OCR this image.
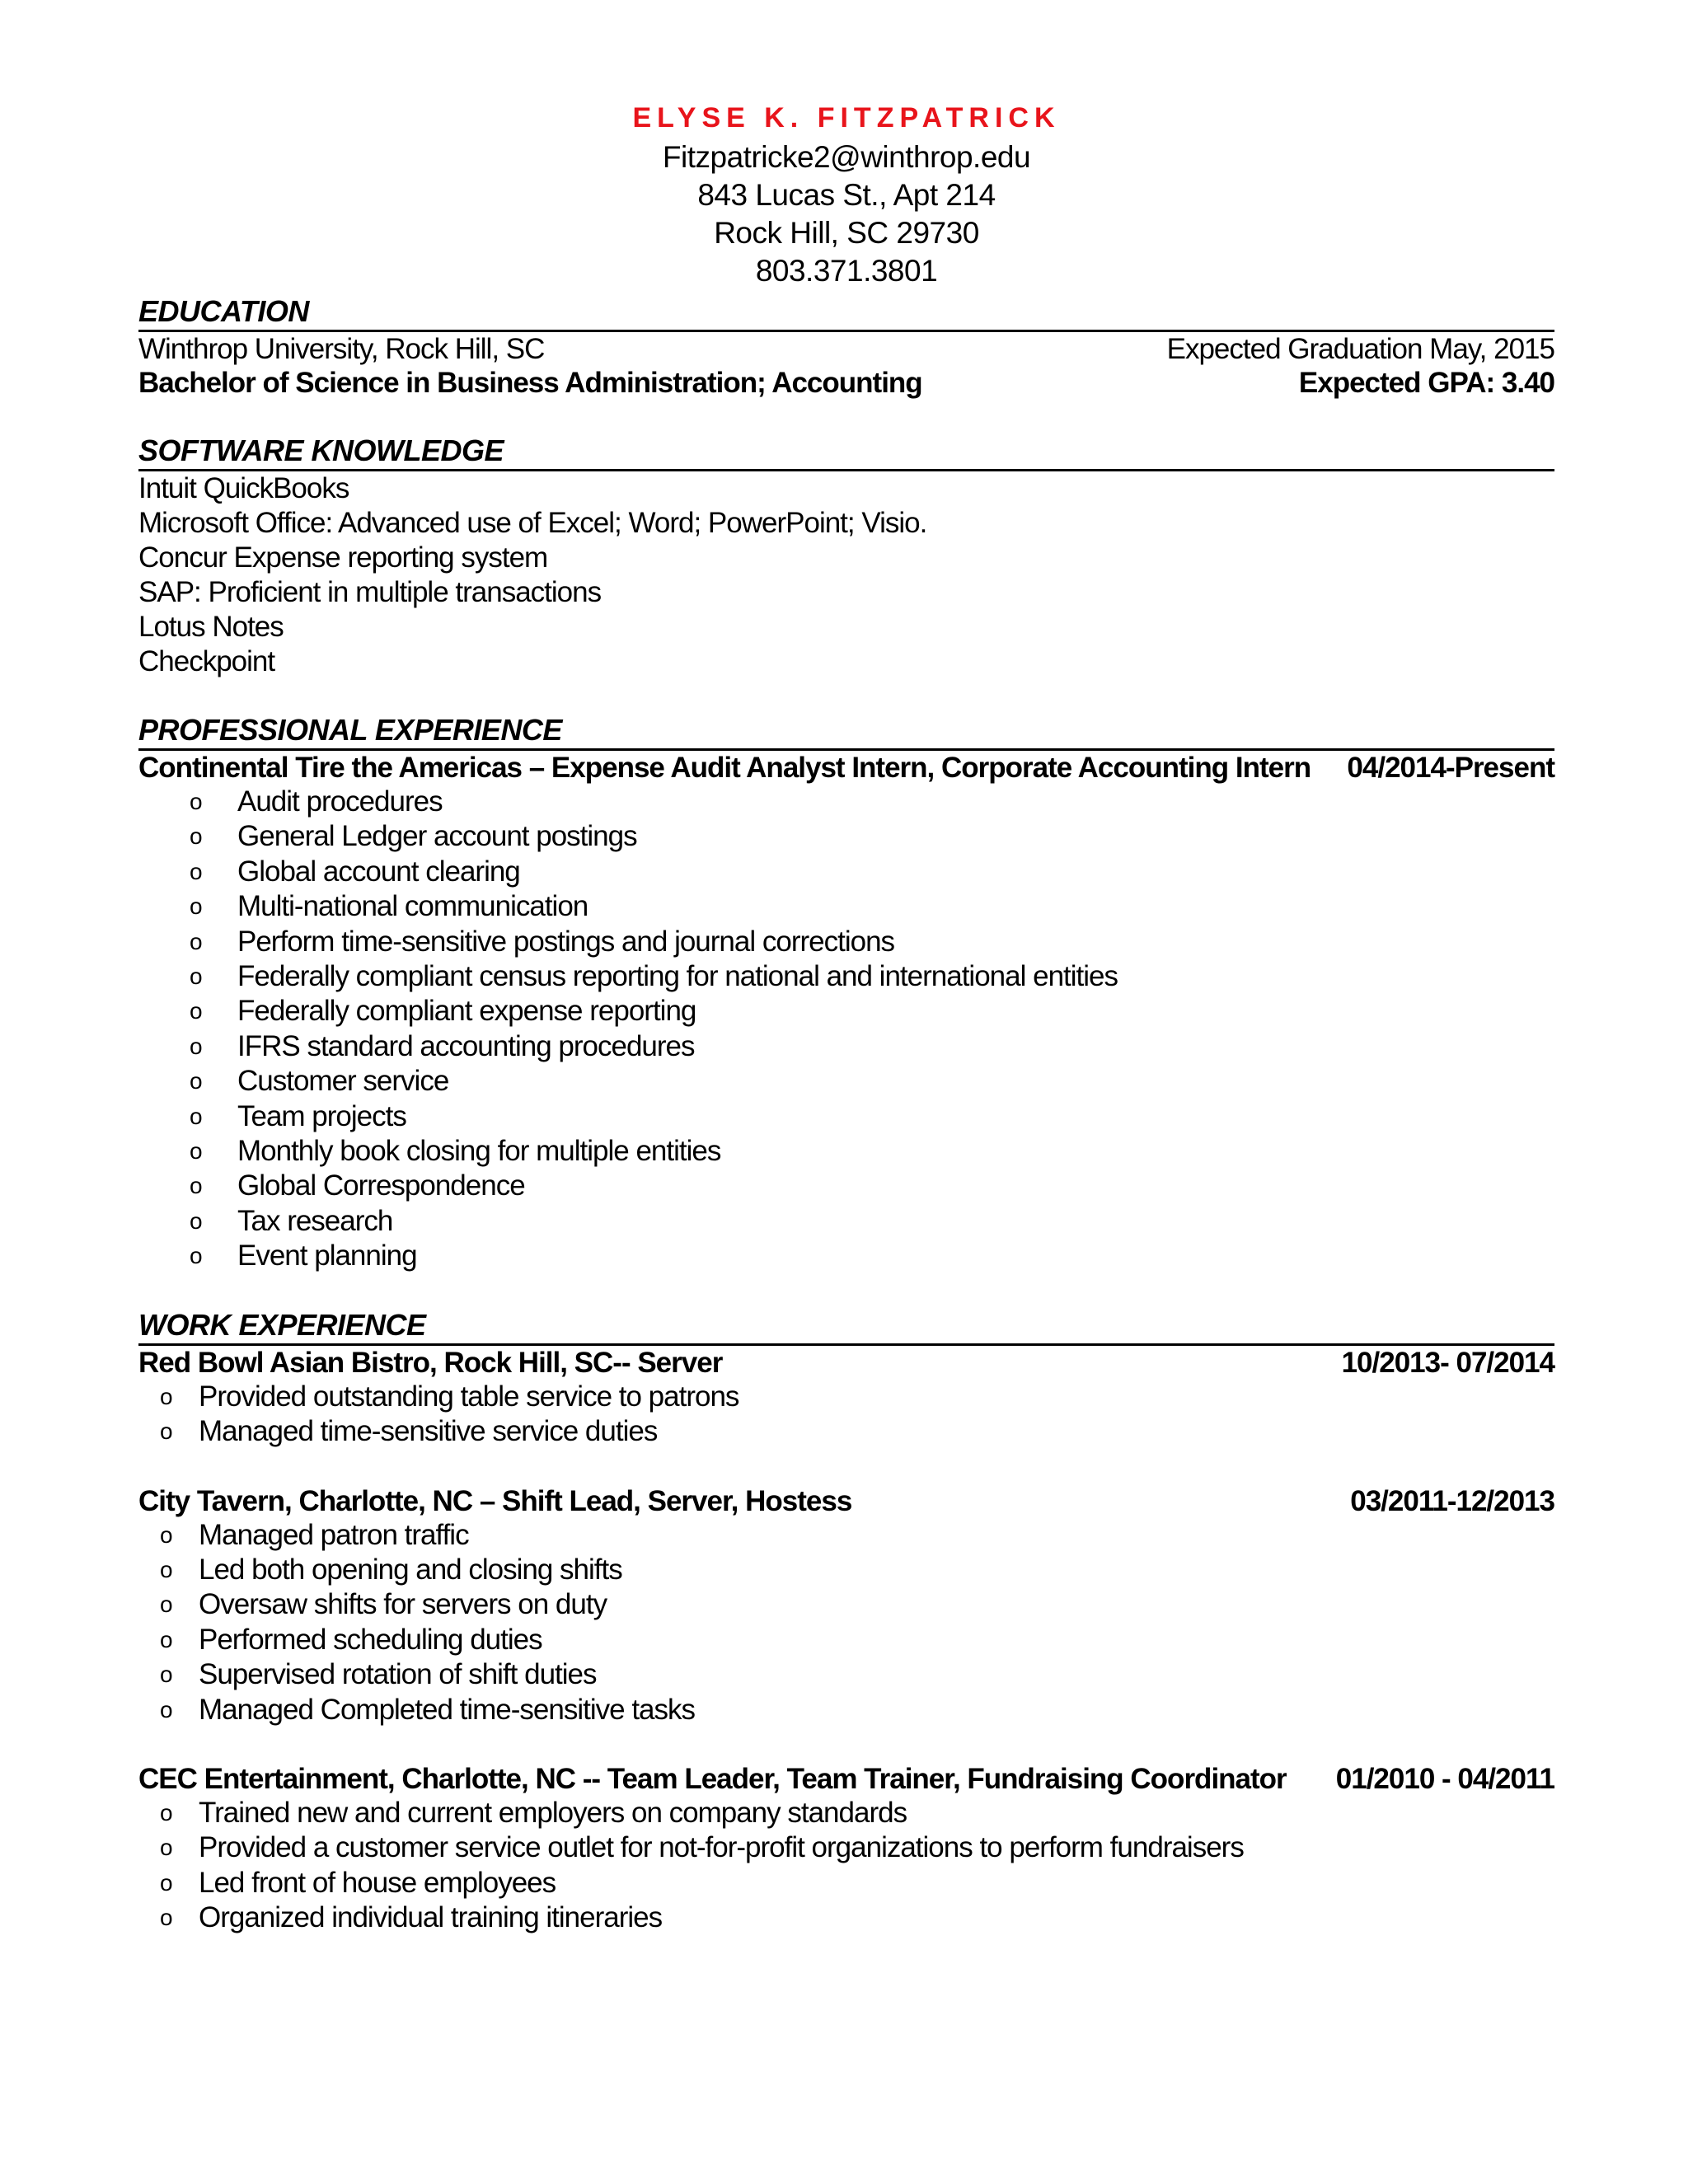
ELYSE K. FITZPATRICK
Fitzpatricke2@winthrop.edu
843 Lucas St., Apt 214
Rock Hill, SC 29730
803.371.3801
EDUCATION
Winthrop University, Rock Hill, SC	Expected Graduation May, 2015
Bachelor of Science in Business Administration; Accounting	Expected GPA: 3.40
SOFTWARE KNOWLEDGE
Intuit QuickBooks
Microsoft Office: Advanced use of Excel; Word; PowerPoint; Visio.
Concur Expense reporting system
SAP: Proficient in multiple transactions
Lotus Notes
Checkpoint
PROFESSIONAL EXPERIENCE
Continental Tire the Americas – Expense Audit Analyst Intern, Corporate Accounting Intern 04/2014-Present
o Audit procedures
o General Ledger account postings
o Global account clearing
o Multi-national communication
o Perform time-sensitive postings and journal corrections
o Federally compliant census reporting for national and international entities
o Federally compliant expense reporting
o IFRS standard accounting procedures
o Customer service
o Team projects
o Monthly book closing for multiple entities
o Global Correspondence
o Tax research
o Event planning
WORK EXPERIENCE
Red Bowl Asian Bistro, Rock Hill, SC-- Server	10/2013- 07/2014
o Provided outstanding table service to patrons
o Managed time-sensitive service duties
City Tavern, Charlotte, NC – Shift Lead, Server, Hostess	03/2011-12/2013
o Managed patron traffic
o Led both opening and closing shifts
o Oversaw shifts for servers on duty
o Performed scheduling duties
o Supervised rotation of shift duties
o Managed Completed time-sensitive tasks
CEC Entertainment, Charlotte, NC -- Team Leader, Team Trainer, Fundraising Coordinator 01/2010 - 04/2011
o Trained new and current employers on company standards
o Provided a customer service outlet for not-for-profit organizations to perform fundraisers
o Led front of house employees
o Organized individual training itineraries
